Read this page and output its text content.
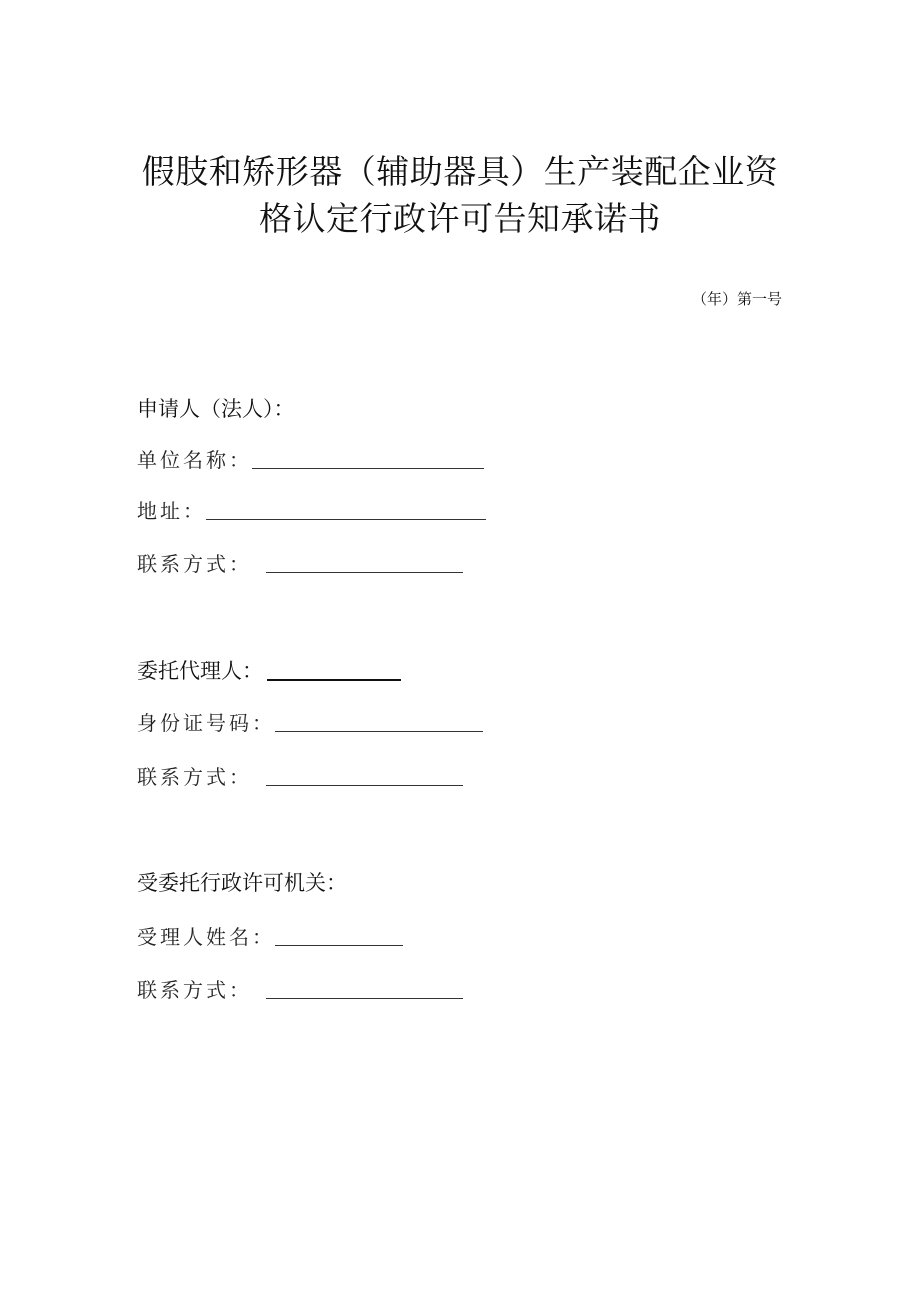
假肢和矫形器（辅助器具）生产装配企业资
格认定行政许可告知承诺书
（年）第一号
申请人（法人）：
单位名称：
地址：
联系方式：
委托代理人：
身份证号码：
联系方式：
受委托行政许可机关：
受理人姓名：
联系方式：
